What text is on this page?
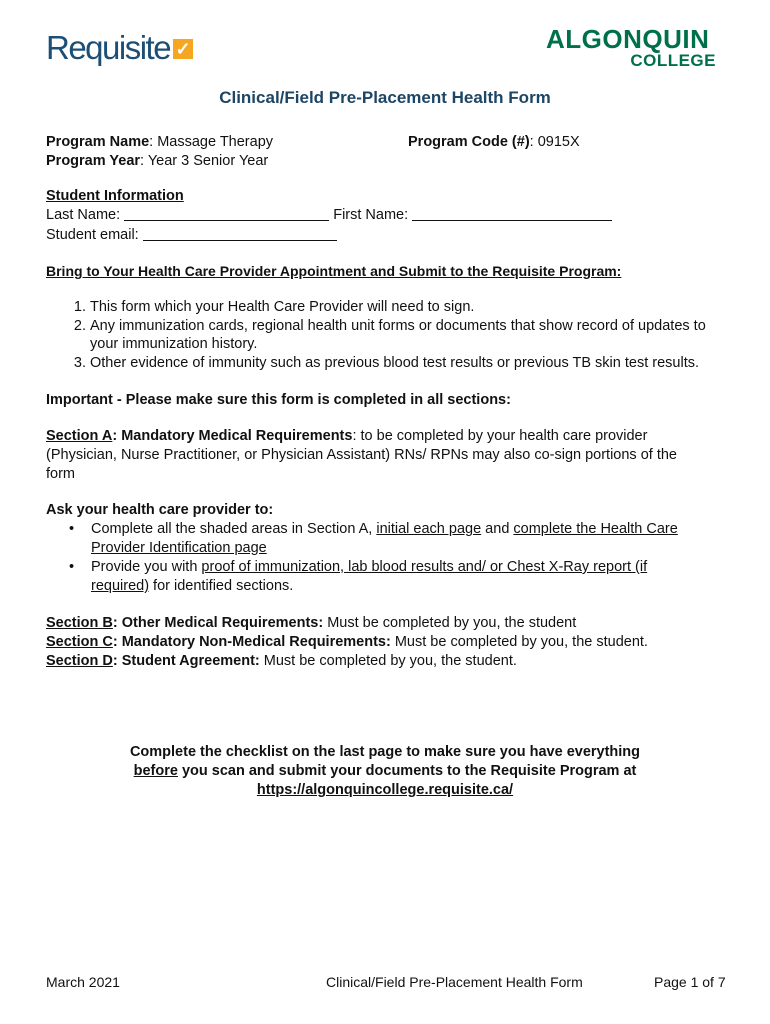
Requisite ✓	ALGONQUIN
COLLEGE
Clinical/Field Pre-Placement Health Form
Program Name: Massage Therapy	Program Code (#): 0915X
Program Year: Year 3 Senior Year
Student Information
Last Name:	First Name:
Student email:
Bring to Your Health Care Provider Appointment and Submit to the Requisite Program:
1. This form which your Health Care Provider will need to sign.
2. Any immunization cards, regional health unit forms or documents that show record of updates to your immunization history.
3. Other evidence of immunity such as previous blood test results or previous TB skin test results.
Important - Please make sure this form is completed in all sections:
Section A: Mandatory Medical Requirements: to be completed by your health care provider
(Physician, Nurse Practitioner, or Physician Assistant) RNs/ RPNs may also co-sign portions of the
form
Ask your health care provider to:
• Complete all the shaded areas in Section A, initial each page and complete the Health Care
Provider Identification page
• Provide you with proof of immunization, lab blood results and/ or Chest X-Ray report (if
required) for identified sections.
Section B: Other Medical Requirements: Must be completed by you, the student
Section C: Mandatory Non-Medical Requirements: Must be completed by you, the student.
Section D: Student Agreement: Must be completed by you, the student.
Complete the checklist on the last page to make sure you have everything
before you scan and submit your documents to the Requisite Program at
https://algonquincollege.requisite.ca/
March 2021	Clinical/Field Pre-Placement Health Form	Page 1 of 7
